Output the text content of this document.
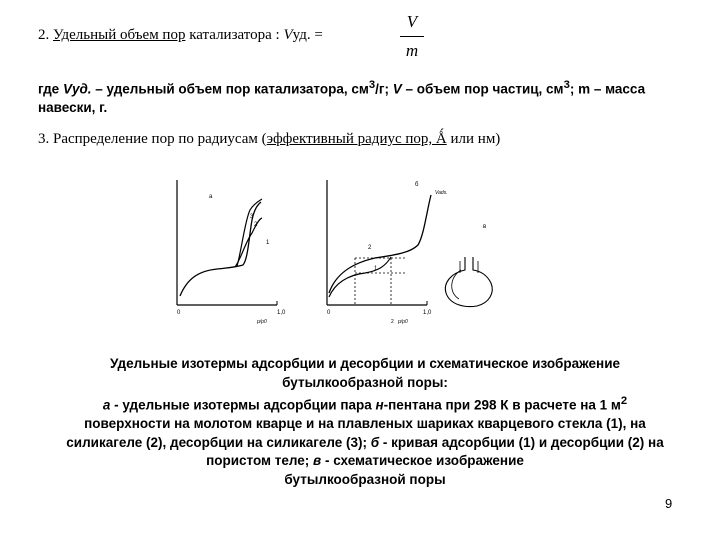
2. Удельный объем пор катализатора : Vуд. =
V
m
где Vуд. – удельный объем пор катализатора, $см^3/г$; V – объем пор частиц, $см^3$; m – масса навески, г.
3. Распределение пор по радиусам (эффективный радиус пор, Ǻ или нм)
a
3
2
1
0
p/p0
1,0
Vads.
б
2
1
0
2 p/p0
1,0
в
Удельные изотермы адсорбции и десорбции и схематическое изображение
бутылкообразной поры:
а - удельные изотермы адсорбции пара н-пентана при 298 К в расчете на 1 $м^2$
поверхности на молотом кварце и на плавленых шариках кварцевого стекла (1), на
силикагеле (2), десорбции на силикагеле (3); б - кривая адсорбции (1) и десорбции (2) на
пористом теле; в - схематическое изображение
бутылкообразной поры
9
